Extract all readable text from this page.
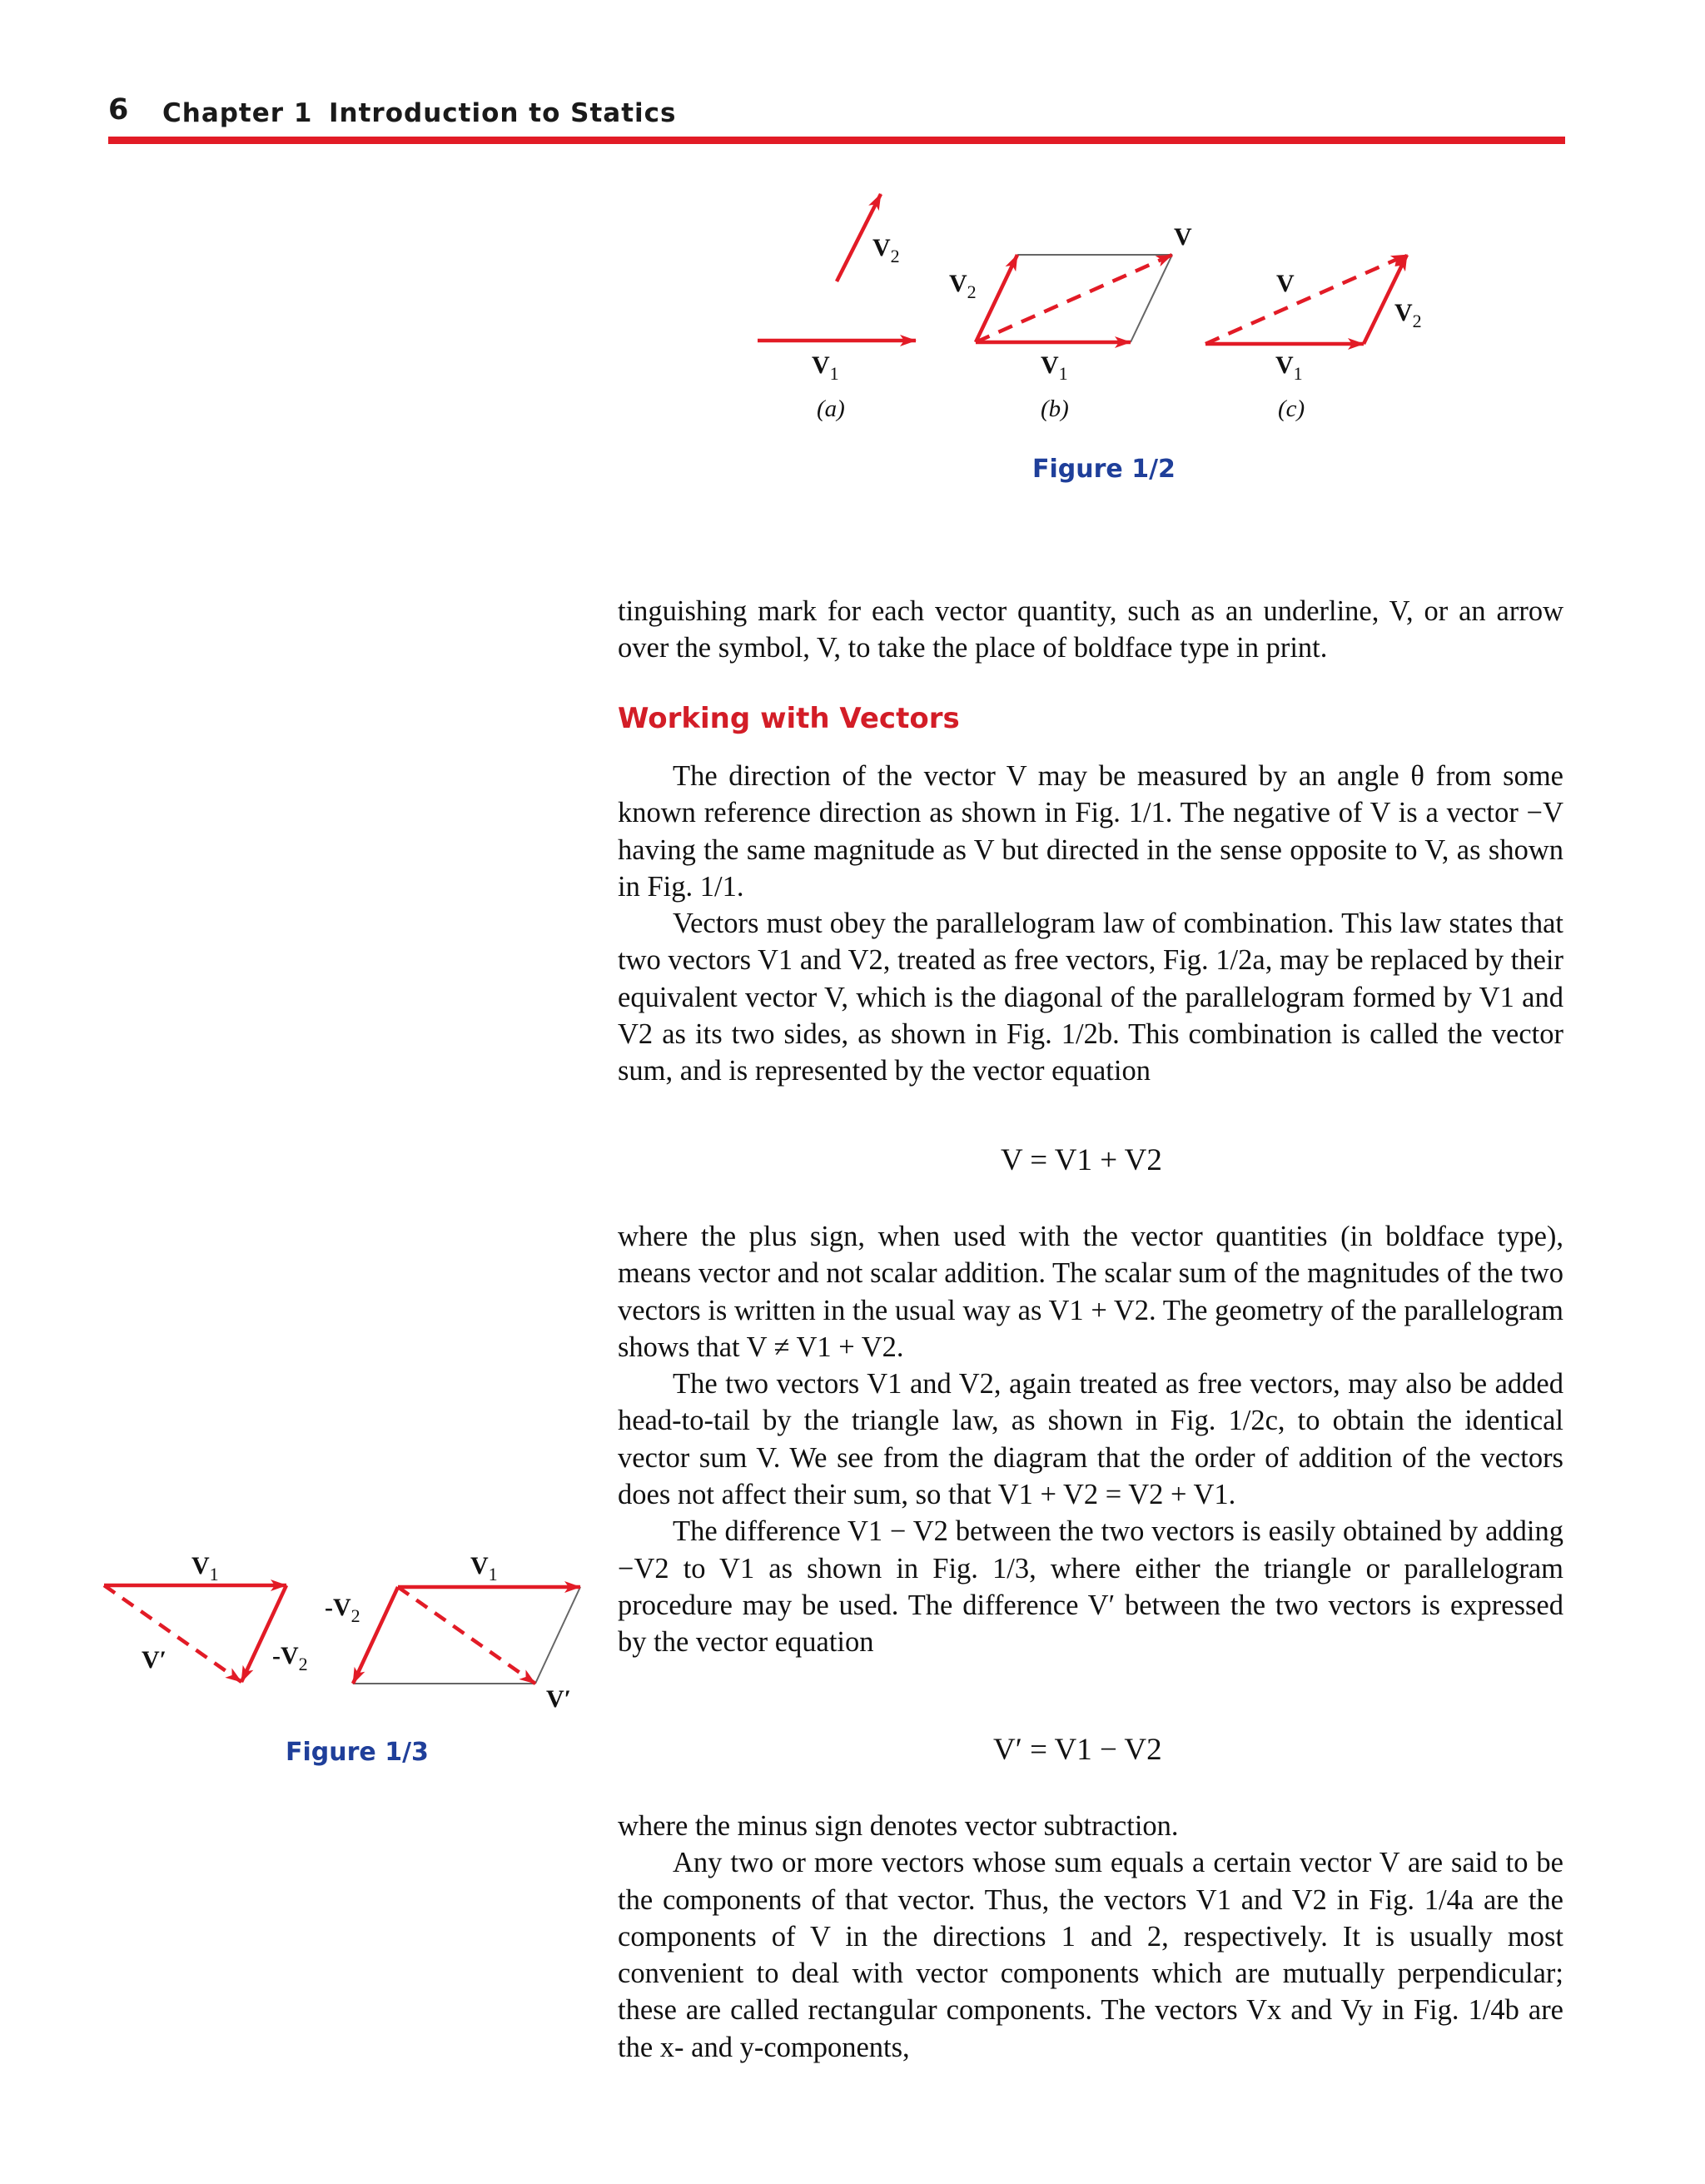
6 Chapter 1 Introduction to Statics
$V_2$
$V_1$
(a)
$V_2$
V
$V_1$
(b)
V
$V_2$
$V_1$
(c)
$V_1$
V′	$-V_2$
$V_1$
$-V_2$
V′
Figure 1/2
Figure 1/3

tinguishing mark for each vector quantity, such as an underline, V, or an arrow over the symbol, V, to take the place of boldface type in print.

Working with Vectors

The direction of the vector V may be measured by an angle θ from some known reference direction as shown in Fig. 1/1. The negative of V is a vector −V having the same magnitude as V but directed in the sense opposite to V, as shown in Fig. 1/1.

Vectors must obey the parallelogram law of combination. This law states that two vectors V1 and V2, treated as free vectors, Fig. 1/2a, may be replaced by their equivalent vector V, which is the diagonal of the parallelogram formed by V1 and V2 as its two sides, as shown in Fig. 1/2b. This combination is called the vector sum, and is represented by the vector equation

V = V1 + V2

where the plus sign, when used with the vector quantities (in boldface type), means vector and not scalar addition. The scalar sum of the magnitudes of the two vectors is written in the usual way as V1 + V2. The geometry of the parallelogram shows that V ≠ V1 + V2.

The two vectors V1 and V2, again treated as free vectors, may also be added head-to-tail by the triangle law, as shown in Fig. 1/2c, to obtain the identical vector sum V. We see from the diagram that the order of addition of the vectors does not affect their sum, so that V1 + V2 = V2 + V1.

The difference V1 − V2 between the two vectors is easily obtained by adding −V2 to V1 as shown in Fig. 1/3, where either the triangle or parallelogram procedure may be used. The difference V′ between the two vectors is expressed by the vector equation

V′ = V1 − V2

where the minus sign denotes vector subtraction.

Any two or more vectors whose sum equals a certain vector V are said to be the components of that vector. Thus, the vectors V1 and V2 in Fig. 1/4a are the components of V in the directions 1 and 2, respectively. It is usually most convenient to deal with vector components which are mutually perpendicular; these are called rectangular components. The vectors Vx and Vy in Fig. 1/4b are the x- and y-components,
